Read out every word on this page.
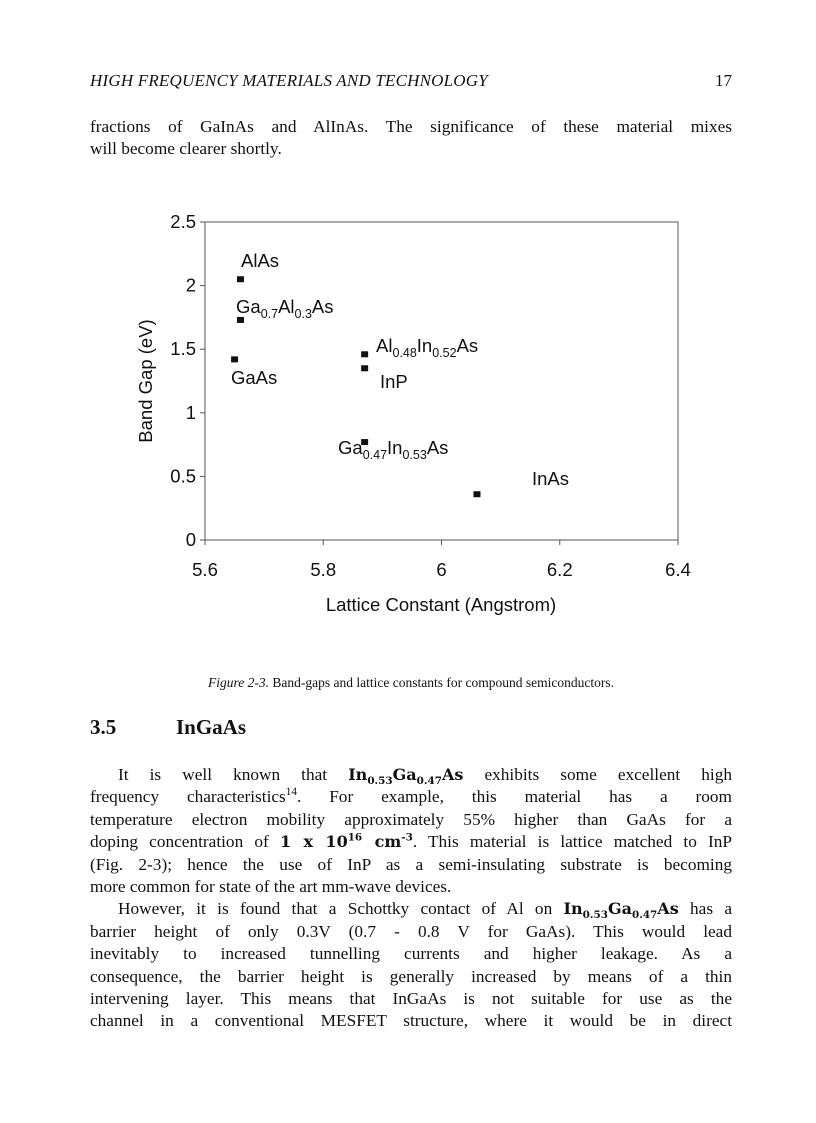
HIGH FREQUENCY MATERIALS AND TECHNOLOGY	17
fractions of GaInAs and AlInAs. The significance of these material mixes
will become clearer shortly.
0
0.5
1
1.5
2
2.5
5.6	5.8	6	6.2	6.4
Lattice Constant (Angstrom)
Band Gap (eV)
AlAs
$Ga_{0.7}Al_{0.3}As$
GaAs
$Al_{0.48}In_{0.52}As$
InP
$Ga_{0.47}In_{0.53}As$
InAs
Figure 2-3. Band-gaps and lattice constants for compound semiconductors.
3.5	InGaAs
It is well known that $In_{0.53}Ga_{0.47}As$ exhibits some excellent high
frequency characteristics$^{14}$. For example, this material has a room
temperature electron mobility approximately 55% higher than GaAs for a
doping concentration of 1 x $10^{16}$ $cm^{-3}$. This material is lattice matched to InP
(Fig. 2-3); hence the use of InP as a semi-insulating substrate is becoming
more common for state of the art mm-wave devices.
However, it is found that a Schottky contact of Al on $In_{0.53}Ga_{0.47}As$ has a
barrier height of only 0.3V (0.7 - 0.8 V for GaAs). This would lead
inevitably to increased tunnelling currents and higher leakage. As a
consequence, the barrier height is generally increased by means of a thin
intervening layer. This means that InGaAs is not suitable for use as the
channel in a conventional MESFET structure, where it would be in direct
